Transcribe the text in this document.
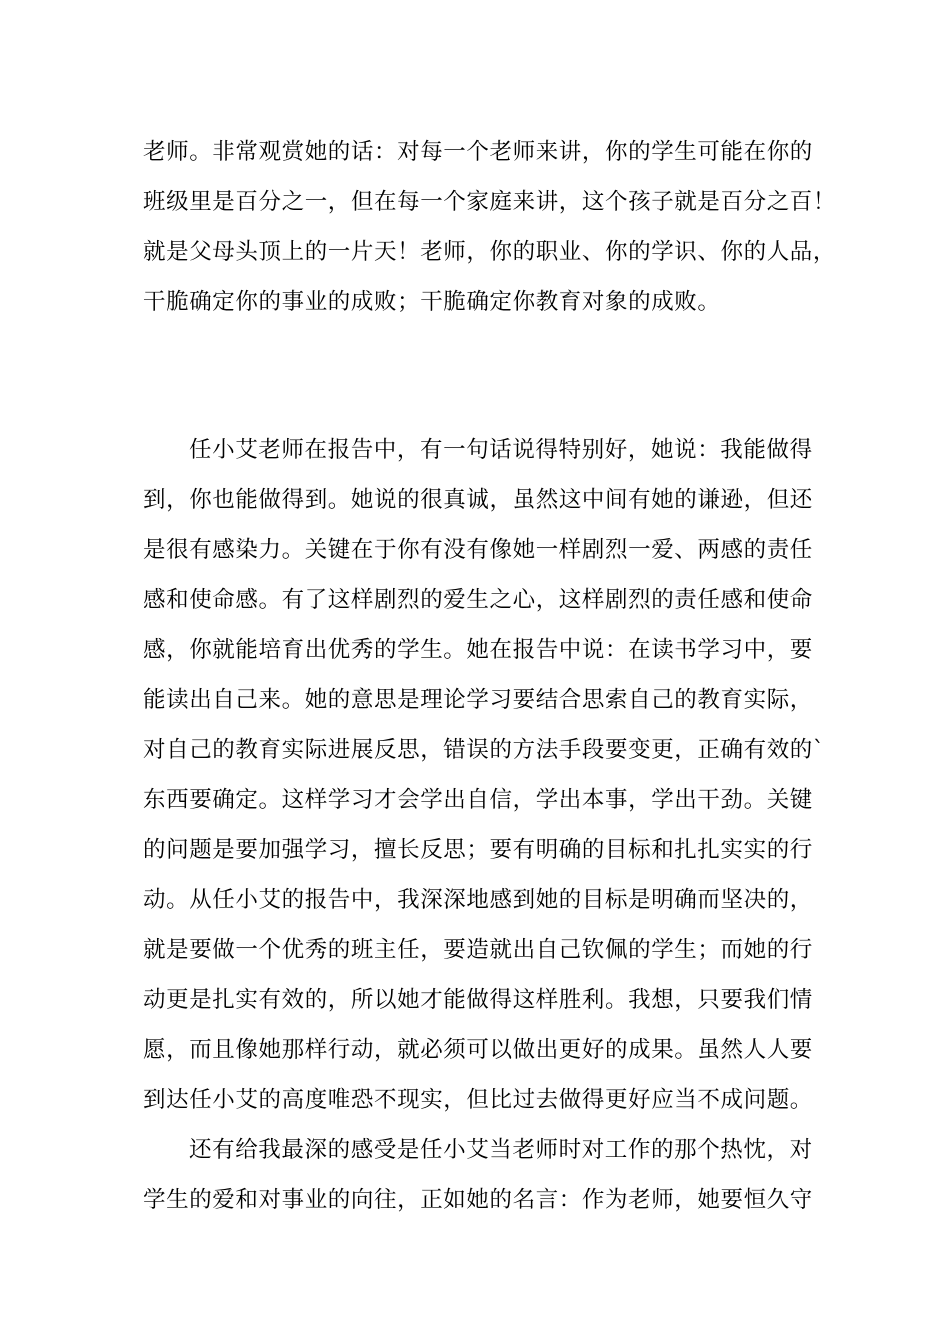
老师。非常观赏她的话：对每一个老师来讲，你的学生可能在你的
班级里是百分之一，但在每一个家庭来讲，这个孩子就是百分之百！
就是父母头顶上的一片天！老师，你的职业、你的学识、你的人品，
干脆确定你的事业的成败；干脆确定你教育对象的成败。
任小艾老师在报告中，有一句话说得特别好，她说：我能做得
到，你也能做得到。她说的很真诚，虽然这中间有她的谦逊，但还
是很有感染力。关键在于你有没有像她一样剧烈一爱、两感的责任
感和使命感。有了这样剧烈的爱生之心，这样剧烈的责任感和使命
感，你就能培育出优秀的学生。她在报告中说：在读书学习中，要
能读出自己来。她的意思是理论学习要结合思索自己的教育实际，
对自己的教育实际进展反思，错误的方法手段要变更，正确有效的`
东西要确定。这样学习才会学出自信，学出本事，学出干劲。关键
的问题是要加强学习，擅长反思；要有明确的目标和扎扎实实的行
动。从任小艾的报告中，我深深地感到她的目标是明确而坚决的，
就是要做一个优秀的班主任，要造就出自己钦佩的学生；而她的行
动更是扎实有效的，所以她才能做得这样胜利。我想，只要我们情
愿，而且像她那样行动，就必须可以做出更好的成果。虽然人人要
到达任小艾的高度唯恐不现实，但比过去做得更好应当不成问题。
还有给我最深的感受是任小艾当老师时对工作的那个热忱，对
学生的爱和对事业的向往，正如她的名言：作为老师，她要恒久守
